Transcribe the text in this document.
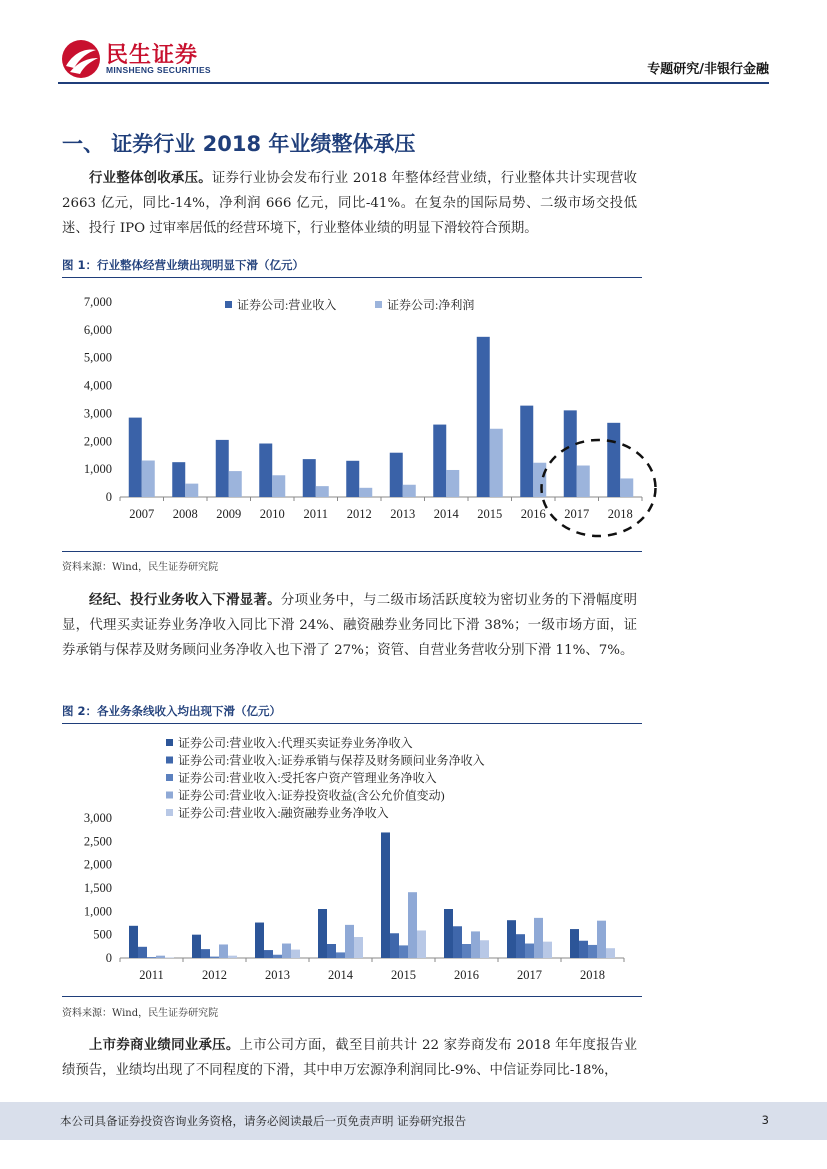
民生证券
MINSHENG SECURITIES	专题研究/非银行金融
一、 证券行业 2018 年业绩整体承压

行业整体创收承压。证券行业协会发布行业 2018 年整体经营业绩，行业整体共计实现营收 2663 亿元，同比-14%，净利润 666 亿元，同比-41%。在复杂的国际局势、二级市场交投低迷、投行 IPO 过审率居低的经营环境下，行业整体业绩的明显下滑较符合预期。

图 1：行业整体经营业绩出现明显下滑（亿元）
0
1,000
2,000
3,000
4,000
5,000
6,000
7,000
2007 2008 2009 2010 2011 2012 2013 2014 2015 2016 2017 2018
证券公司:营业收入	证券公司:净利润
资料来源：Wind，民生证券研究院

经纪、投行业务收入下滑显著。分项业务中，与二级市场活跃度较为密切业务的下滑幅度明显，代理买卖证券业务净收入同比下滑 24%、融资融券业务同比下滑 38%；一级市场方面，证券承销与保荐及财务顾问业务净收入也下滑了 27%；资管、自营业务营收分别下滑 11%、7%。

图 2：各业务条线收入均出现下滑（亿元）
0
500
1,000
1,500
2,000
2,500
3,000
2011	2012	2013	2014	2015	2016	2017	2018
证券公司:营业收入:代理买卖证券业务净收入
证券公司:营业收入:证券承销与保荐及财务顾问业务净收入
证券公司:营业收入:受托客户资产管理业务净收入
证券公司:营业收入:证券投资收益(含公允价值变动)
证券公司:营业收入:融资融券业务净收入
资料来源：Wind，民生证券研究院

上市券商业绩同业承压。上市公司方面，截至目前共计 22 家券商发布 2018 年年度报告业绩预告，业绩均出现了不同程度的下滑，其中申万宏源净利润同比-9%、中信证券同比-18%，

本公司具备证券投资咨询业务资格，请务必阅读最后一页免责声明 证券研究报告	3
